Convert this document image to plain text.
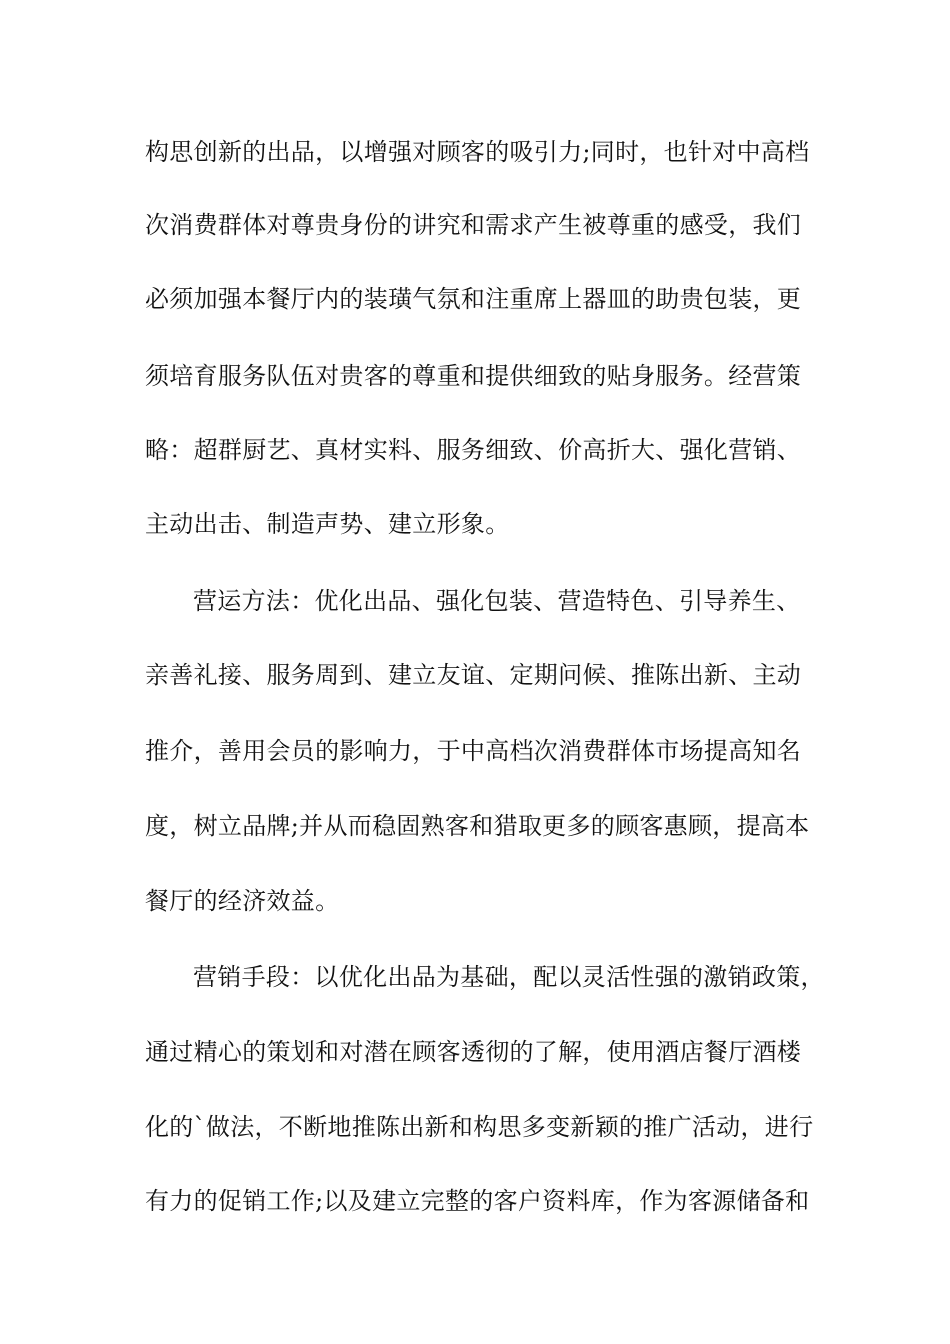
构思创新的出品，以增强对顾客的吸引力;同时，也针对中高档
次消费群体对尊贵身份的讲究和需求产生被尊重的感受，我们
必须加强本餐厅内的装璜气氛和注重席上器皿的助贵包装，更
须培育服务队伍对贵客的尊重和提供细致的贴身服务。经营策
略：超群厨艺、真材实料、服务细致、价高折大、强化营销、
主动出击、制造声势、建立形象。
营运方法：优化出品、强化包装、营造特色、引导养生、
亲善礼接、服务周到、建立友谊、定期问候、推陈出新、主动
推介，善用会员的影响力，于中高档次消费群体市场提高知名
度，树立品牌;并从而稳固熟客和猎取更多的顾客惠顾，提高本
餐厅的经济效益。
营销手段：以优化出品为基础，配以灵活性强的激销政策，
通过精心的策划和对潜在顾客透彻的了解，使用酒店餐厅酒楼
化的`做法，不断地推陈出新和构思多变新颖的推广活动，进行
有力的促销工作;以及建立完整的客户资料库，作为客源储备和
